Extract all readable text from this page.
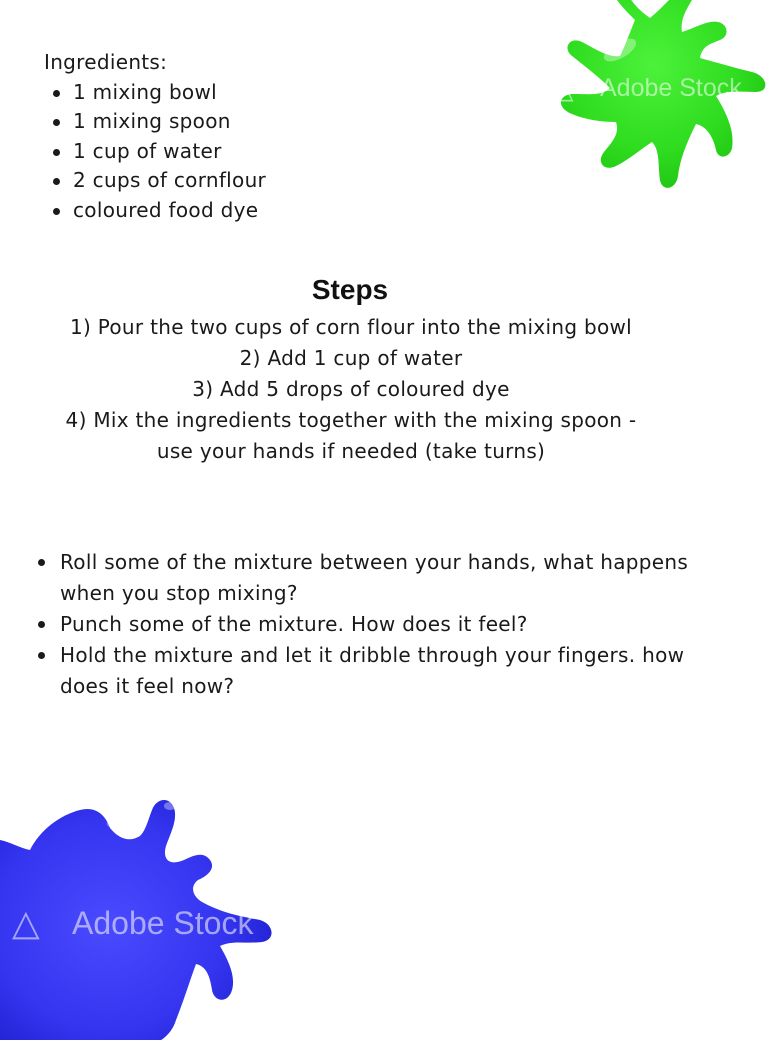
△ Adobe Stock
△ Adobe Stock
Ingredients:
1 mixing bowl
1 mixing spoon
1 cup of water
2 cups of cornflour
coloured food dye
Steps

1) Pour the two cups of corn flour into the mixing bowl

2) Add 1 cup of water

3) Add 5 drops of coloured dye

4) Mix the ingredients together with the mixing spoon -use your hands if needed (take turns)

Roll some of the mixture between your hands, what happens when you stop mixing?
Punch some of the mixture. How does it feel?
Hold the mixture and let it dribble through your fingers. how does it feel now?
